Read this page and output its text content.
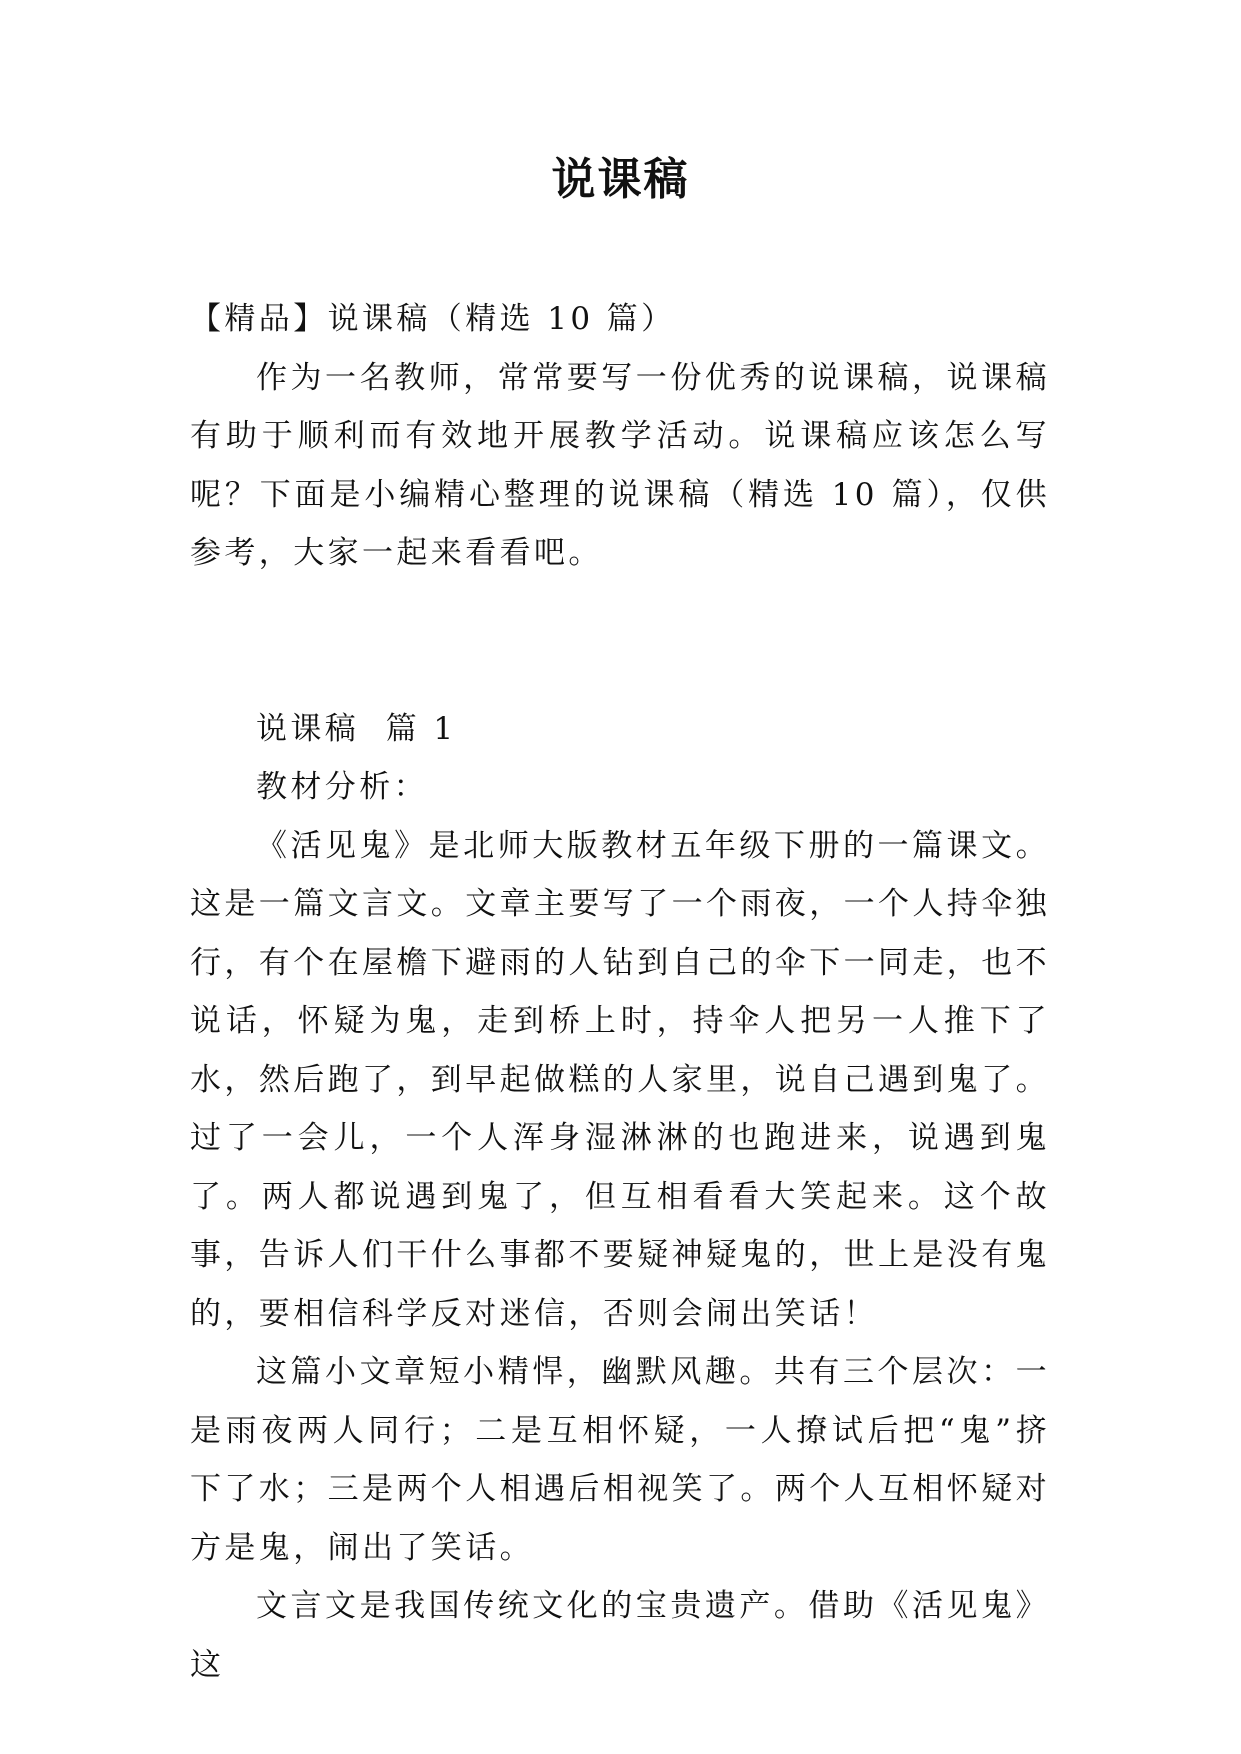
说课稿

【精品】说课稿（精选 10 篇）

作为一名教师，常常要写一份优秀的说课稿，说课稿有助于顺利而有效地开展教学活动。说课稿应该怎么写呢？下面是小编精心整理的说课稿（精选 10 篇），仅供参考，大家一起来看看吧。

说课稿  篇 1

教材分析：

《活见鬼》是北师大版教材五年级下册的一篇课文。这是一篇文言文。文章主要写了一个雨夜，一个人持伞独行，有个在屋檐下避雨的人钻到自己的伞下一同走，也不说话，怀疑为鬼，走到桥上时，持伞人把另一人推下了水，然后跑了，到早起做糕的人家里，说自己遇到鬼了。过了一会儿，一个人浑身湿淋淋的也跑进来，说遇到鬼了。两人都说遇到鬼了，但互相看看大笑起来。这个故事，告诉人们干什么事都不要疑神疑鬼的，世上是没有鬼的，要相信科学反对迷信，否则会闹出笑话！

这篇小文章短小精悍，幽默风趣。共有三个层次：一是雨夜两人同行；二是互相怀疑，一人撩试后把“鬼”挤下了水；三是两个人相遇后相视笑了。两个人互相怀疑对方是鬼，闹出了笑话。

文言文是我国传统文化的宝贵遗产。借助《活见鬼》这
